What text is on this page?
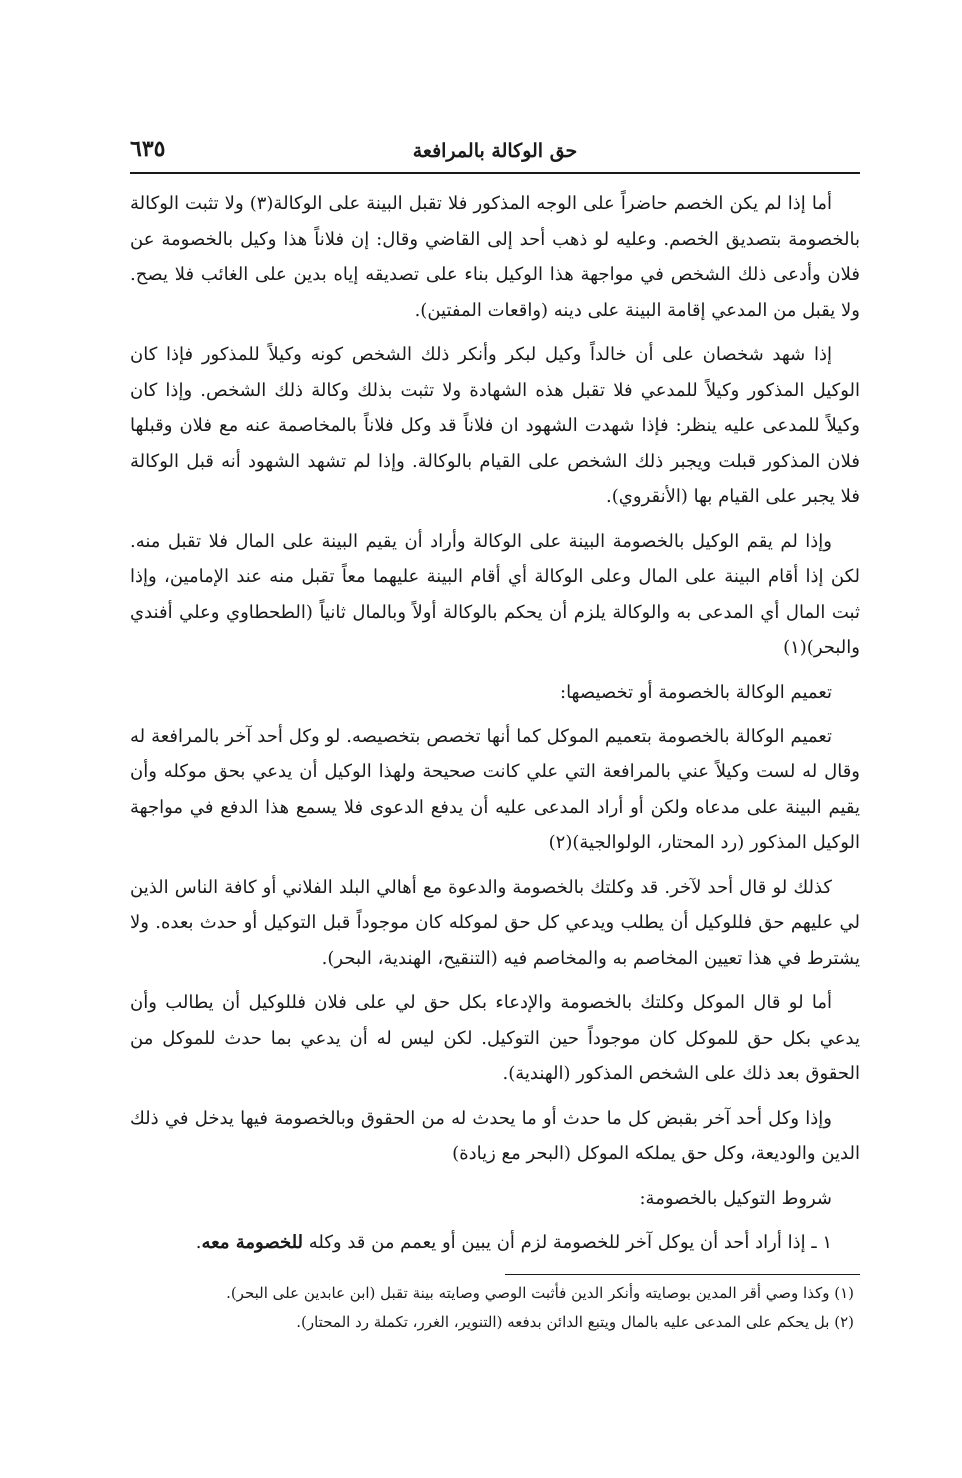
حق الوكالة بالمرافعة
٦٣٥

أما إذا لم يكن الخصم حاضراً على الوجه المذكور فلا تقبل البينة على الوكالة(٣) ولا تثبت الوكالة بالخصومة بتصديق الخصم. وعليه لو ذهب أحد إلى القاضي وقال: إن فلاناً هذا وكيل بالخصومة عن فلان وأدعى ذلك الشخص في مواجهة هذا الوكيل بناء على تصديقه إياه بدين على الغائب فلا يصح. ولا يقبل من المدعي إقامة البينة على دينه (واقعات المفتين).

إذا شهد شخصان على أن خالداً وكيل لبكر وأنكر ذلك الشخص كونه وكيلاً للمذكور فإذا كان الوكيل المذكور وكيلاً للمدعي فلا تقبل هذه الشهادة ولا تثبت بذلك وكالة ذلك الشخص. وإذا كان وكيلاً للمدعى عليه ينظر: فإذا شهدت الشهود ان فلاناً قد وكل فلاناً بالمخاصمة عنه مع فلان وقبلها فلان المذكور قبلت ويجبر ذلك الشخص على القيام بالوكالة. وإذا لم تشهد الشهود أنه قبل الوكالة فلا يجبر على القيام بها (الأنقروي).

وإذا لم يقم الوكيل بالخصومة البينة على الوكالة وأراد أن يقيم البينة على المال فلا تقبل منه. لكن إذا أقام البينة على المال وعلى الوكالة أي أقام البينة عليهما معاً تقبل منه عند الإمامين، وإذا ثبت المال أي المدعى به والوكالة يلزم أن يحكم بالوكالة أولاً وبالمال ثانياً (الطحطاوي وعلي أفندي والبحر)(١)

تعميم الوكالة بالخصومة أو تخصيصها:

تعميم الوكالة بالخصومة بتعميم الموكل كما أنها تخصص بتخصيصه. لو وكل أحد آخر بالمرافعة له وقال له لست وكيلاً عني بالمرافعة التي علي كانت صحيحة ولهذا الوكيل أن يدعي بحق موكله وأن يقيم البينة على مدعاه ولكن أو أراد المدعى عليه أن يدفع الدعوى فلا يسمع هذا الدفع في مواجهة الوكيل المذكور (رد المحتار، الولوالجية)(٢)

كذلك لو قال أحد لآخر. قد وكلتك بالخصومة والدعوة مع أهالي البلد الفلاني أو كافة الناس الذين لي عليهم حق فللوكيل أن يطلب ويدعي كل حق لموكله كان موجوداً قبل التوكيل أو حدث بعده. ولا يشترط في هذا تعيين المخاصم به والمخاصم فيه (التنقيح، الهندية، البحر).

أما لو قال الموكل وكلتك بالخصومة والإدعاء بكل حق لي على فلان فللوكيل أن يطالب وأن يدعي بكل حق للموكل كان موجوداً حين التوكيل. لكن ليس له أن يدعي بما حدث للموكل من الحقوق بعد ذلك على الشخص المذكور (الهندية).

وإذا وكل أحد آخر بقبض كل ما حدث أو ما يحدث له من الحقوق وبالخصومة فيها يدخل في ذلك الدين والوديعة، وكل حق يملكه الموكل (البحر مع زيادة)

شروط التوكيل بالخصومة:

١ ـ إذا أراد أحد أن يوكل آخر للخصومة لزم أن يبين أو يعمم من قد وكله للخصومة معه.

(١) وكذا وصي أقر المدين بوصايته وأنكر الدين فأثبت الوصي وصايته بينة تقبل (ابن عابدين على البحر).

(٢) بل يحكم على المدعى عليه بالمال ويتبع الدائن بدفعه (التنوير، الغرر، تكملة رد المحتار).
